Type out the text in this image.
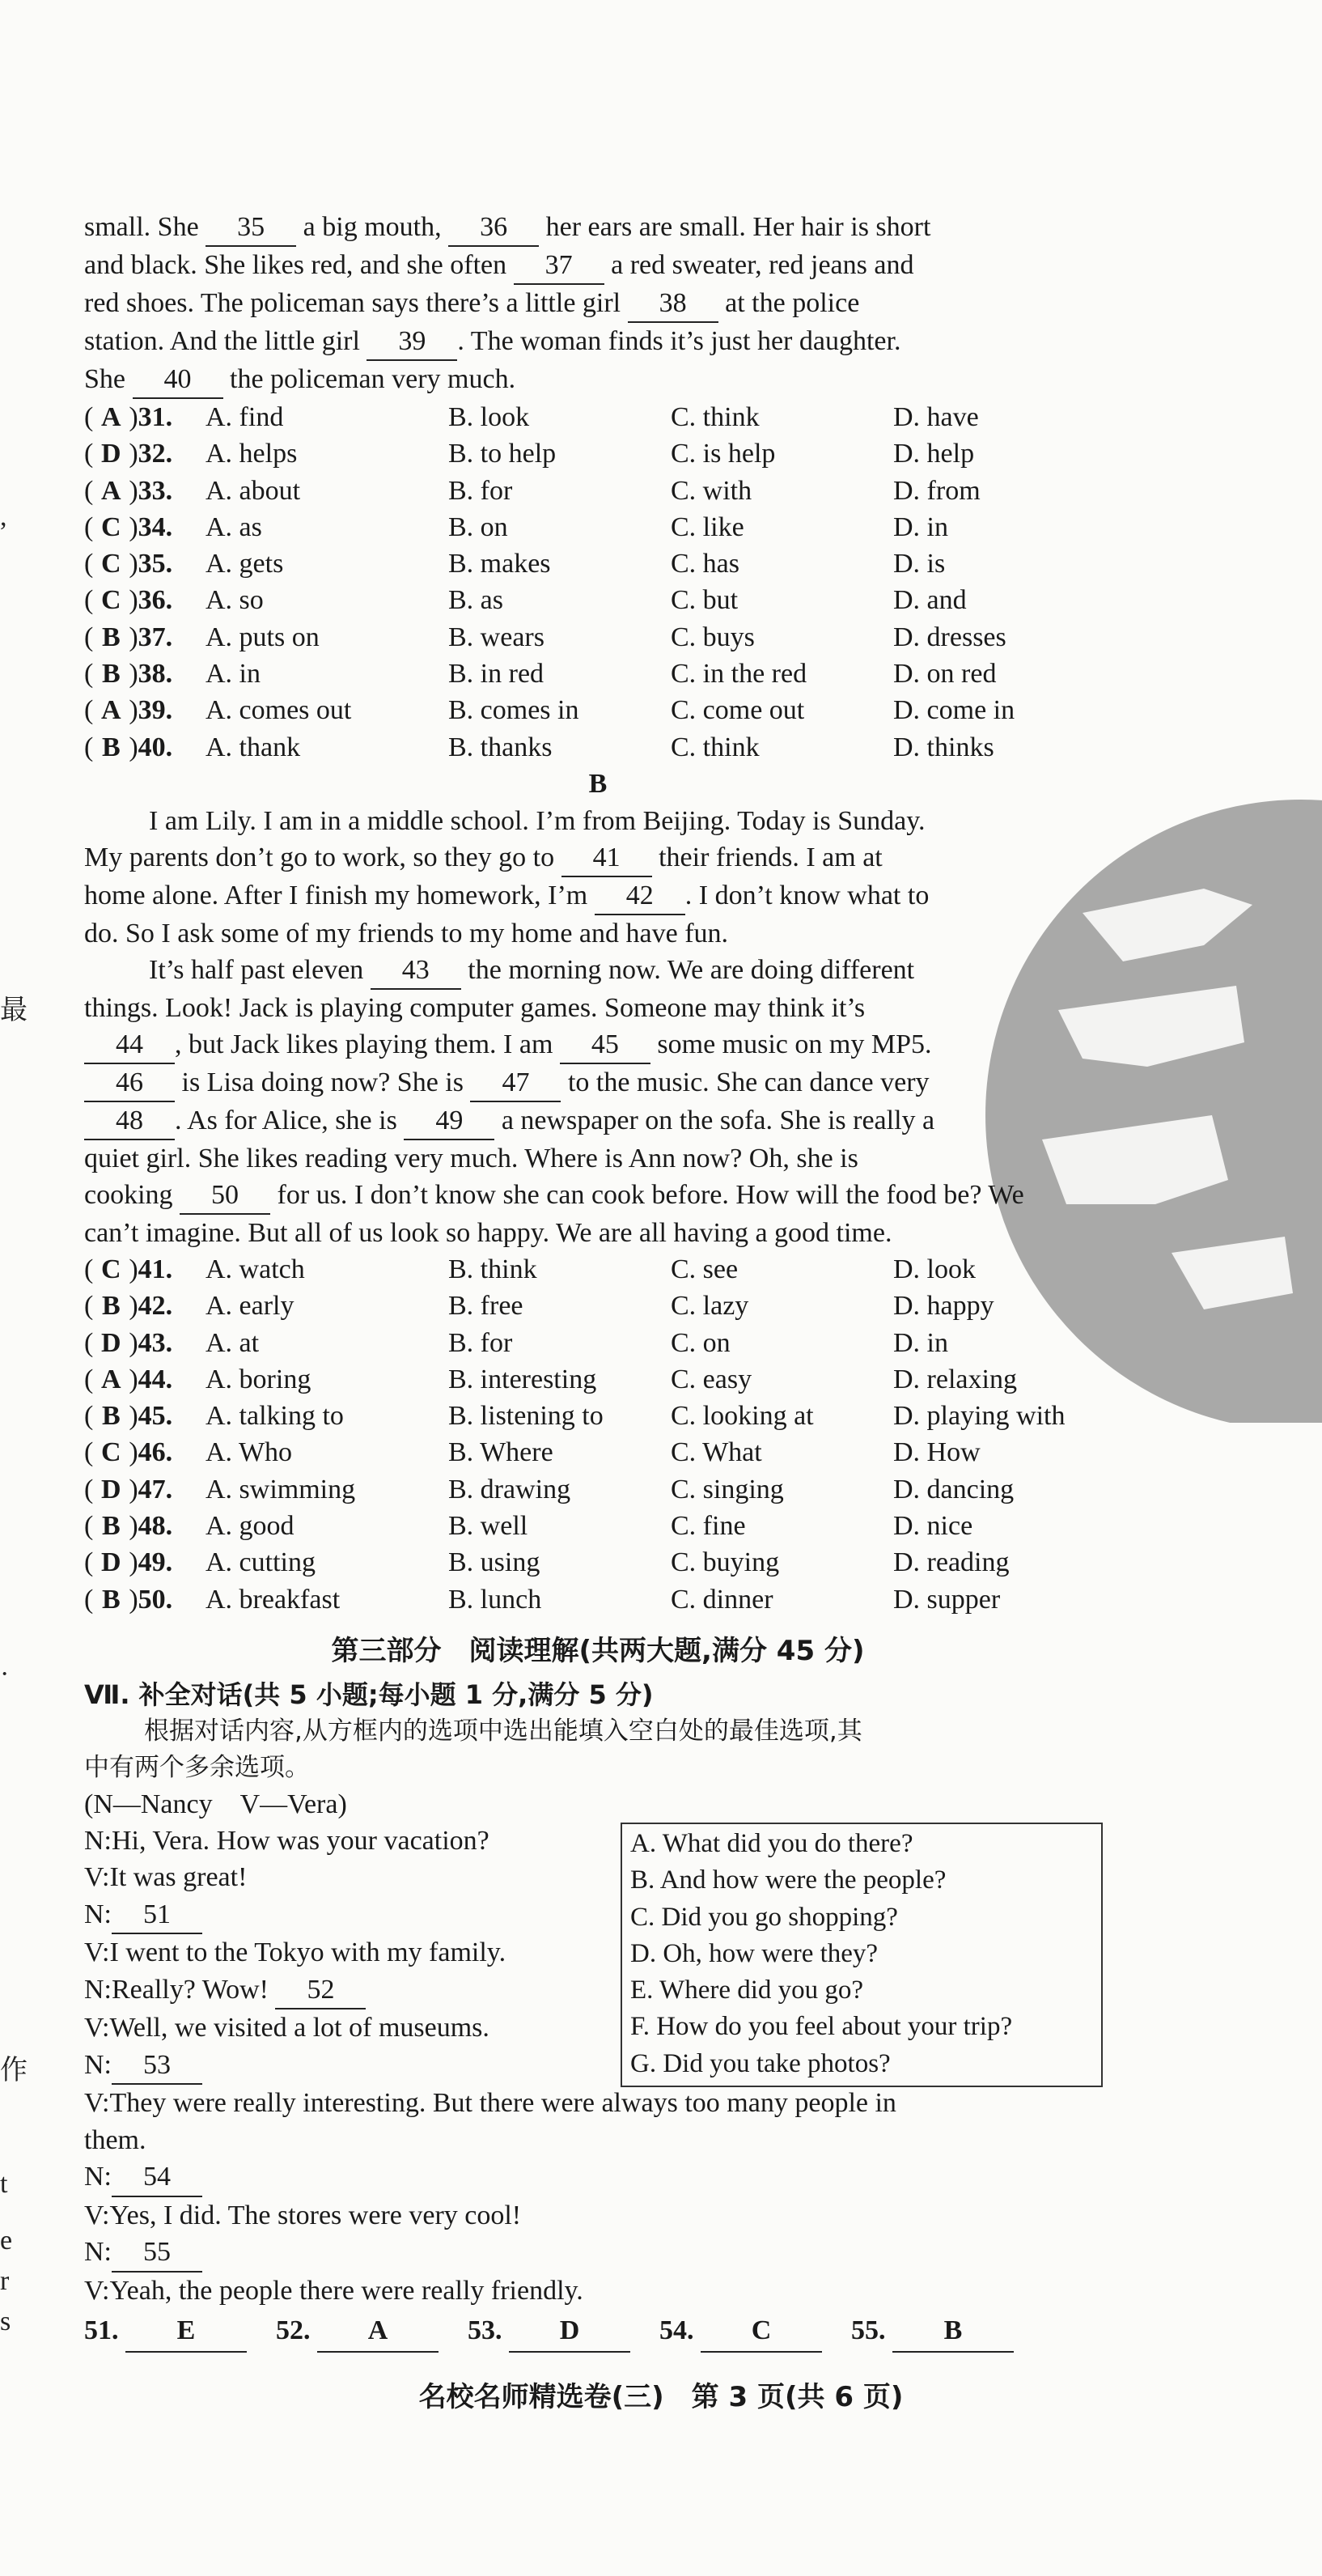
,
最
·
作
t
e
r
s
small. She 35 a big mouth, 36 her ears are small. Her hair is short
and black. She likes red, and she often 37 a red sweater, red jeans and
red shoes. The policeman says there’s a little girl 38 at the police
station. And the little girl 39 . The woman finds it’s just her daughter.
She 40 the policeman very much.
( A )31.	A. find	B. look	C. think	D. have
( D )32.	A. helps	B. to help	C. is help	D. help
( A )33.	A. about	B. for	C. with	D. from
( C )34.	A. as	B. on	C. like	D. in
( C )35.	A. gets	B. makes	C. has	D. is
( C )36.	A. so	B. as	C. but	D. and
( B )37.	A. puts on	B. wears	C. buys	D. dresses
( B )38.	A. in	B. in red	C. in the red	D. on red
( A )39.	A. comes out	B. comes in	C. come out	D. come in
( B )40.	A. thank	B. thanks	C. think	D. thinks
B
I am Lily. I am in a middle school. I’m from Beijing. Today is Sunday.
My parents don’t go to work, so they go to 41 their friends. I am at
home alone. After I finish my homework, I’m 42 . I don’t know what to
do. So I ask some of my friends to my home and have fun.
It’s half past eleven 43 the morning now. We are doing different
things. Look! Jack is playing computer games. Someone may think it’s
44 , but Jack likes playing them. I am 45 some music on my MP5.
46 is Lisa doing now? She is 47 to the music. She can dance very
48 . As for Alice, she is 49 a newspaper on the sofa. She is really a
quiet girl. She likes reading very much. Where is Ann now? Oh, she is
cooking 50 for us. I don’t know she can cook before. How will the food be? We
can’t imagine. But all of us look so happy. We are all having a good time.
( C )41.	A. watch	B. think	C. see	D. look
( B )42.	A. early	B. free	C. lazy	D. happy
( D )43.	A. at	B. for	C. on	D. in
( A )44.	A. boring	B. interesting	C. easy	D. relaxing
( B )45.	A. talking to	B. listening to	C. looking at	D. playing with
( C )46.	A. Who	B. Where	C. What	D. How
( D )47.	A. swimming	B. drawing	C. singing	D. dancing
( B )48.	A. good	B. well	C. fine	D. nice
( D )49.	A. cutting	B. using	C. buying	D. reading
( B )50.	A. breakfast	B. lunch	C. dinner	D. supper
第三部分　阅读理解(共两大题,满分 45 分)
Ⅶ. 补全对话(共 5 小题;每小题 1 分,满分 5 分)
根据对话内容,从方框内的选项中选出能填入空白处的最佳选项,其
中有两个多余选项。
(N—Nancy　V—Vera)
N:Hi, Vera. How was your vacation?
V:It was great!
N: 51
V:I went to the Tokyo with my family.
N:Really? Wow! 52
V:Well, we visited a lot of museums.
N: 53
V:They were really interesting. But there were always too many people in
them.
N: 54
V:Yes, I did. The stores were very cool!
N: 55
V:Yeah, the people there were really friendly.
A. What did you do there?
B. And how were the people?
C. Did you go shopping?
D. Oh, how were they?
E. Where did you go?
F. How do you feel about your trip?
G. Did you take photos?
51. E	52. A	53. D	54. C	55. B
名校名师精选卷(三)　第 3 页(共 6 页)
